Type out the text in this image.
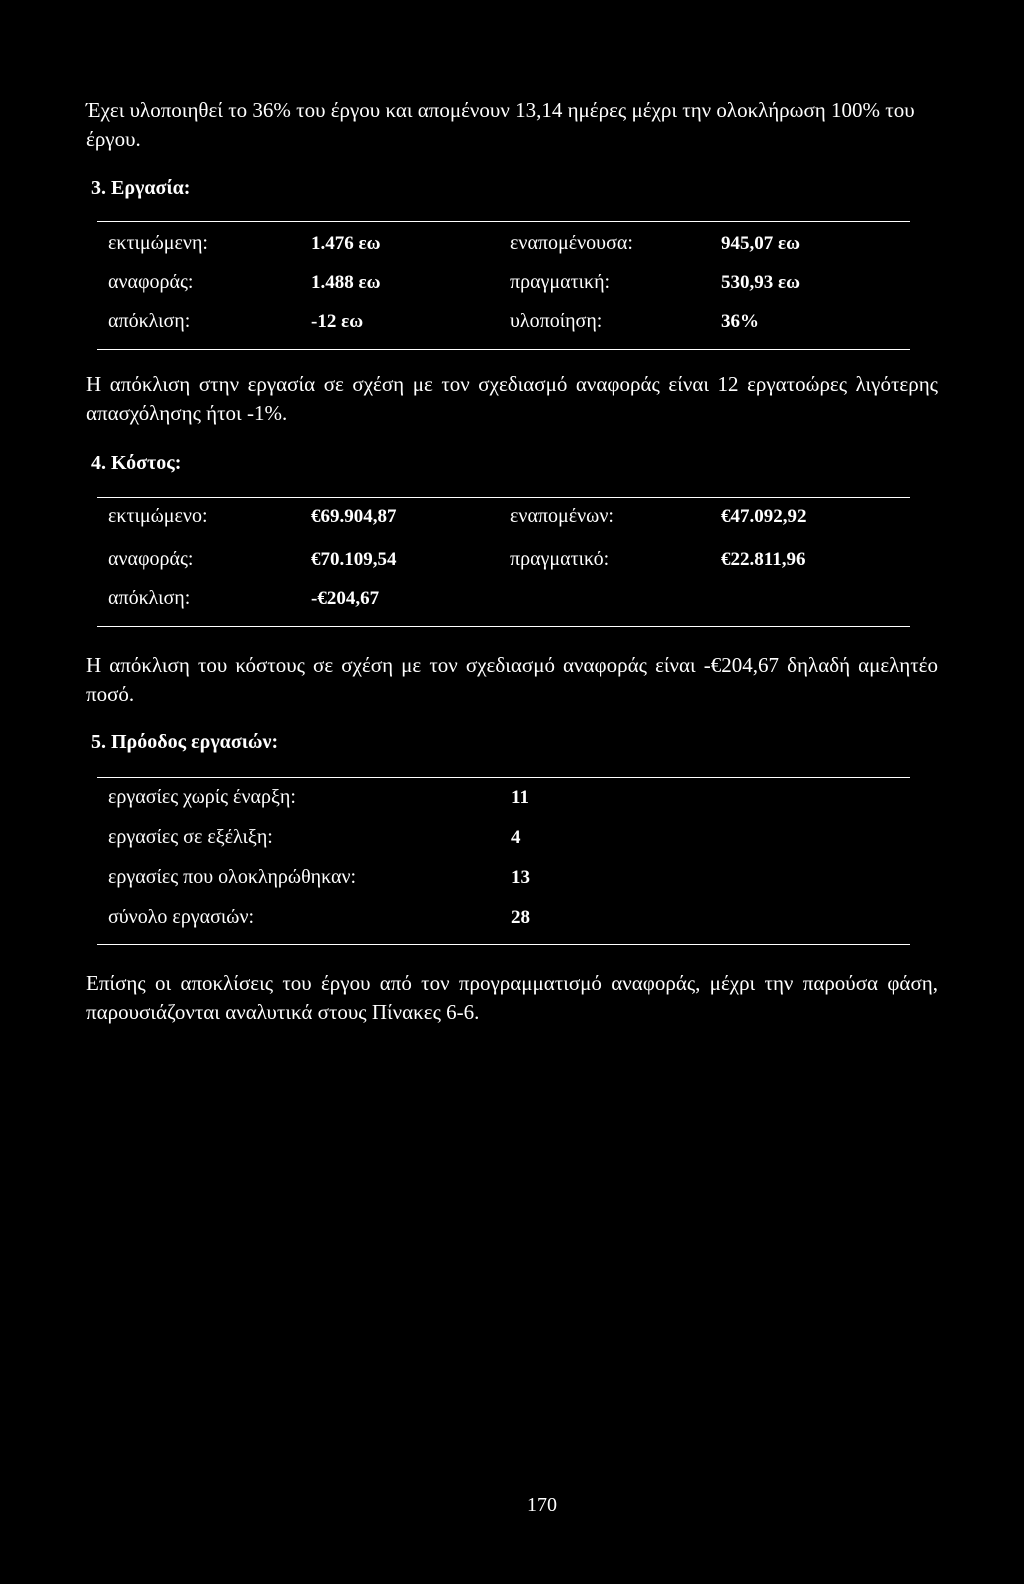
Έχει υλοποιηθεί το 36% του έργου και απομένουν 13,14 ημέρες μέχρι την ολοκλήρωση 100% του έργου.
3. Εργασία:
εκτιμώμενη:	1.476 εω	εναπομένουσα:	945,07 εω
αναφοράς:	1.488 εω	πραγματική:	530,93 εω
απόκλιση:	-12 εω	υλοποίηση:	36%
Η απόκλιση στην εργασία σε σχέση με τον σχεδιασμό αναφοράς είναι 12 εργατοώρες λιγότερης απασχόλησης ήτοι -1%.
4. Κόστος:
εκτιμώμενο:	€69.904,87	εναπομένων:	€47.092,92
αναφοράς:	€70.109,54	πραγματικό:	€22.811,96
απόκλιση:	-€204,67
Η απόκλιση του κόστους σε σχέση με τον σχεδιασμό αναφοράς είναι -€204,67 δηλαδή αμελητέο ποσό.
5. Πρόοδος εργασιών:
εργασίες χωρίς έναρξη:	11
εργασίες σε εξέλιξη:	4
εργασίες που ολοκληρώθηκαν:	13
σύνολο εργασιών:	28
Επίσης οι αποκλίσεις του έργου από τον προγραμματισμό αναφοράς, μέχρι την παρούσα φάση, παρουσιάζονται αναλυτικά στους Πίνακες 6-6.
170
